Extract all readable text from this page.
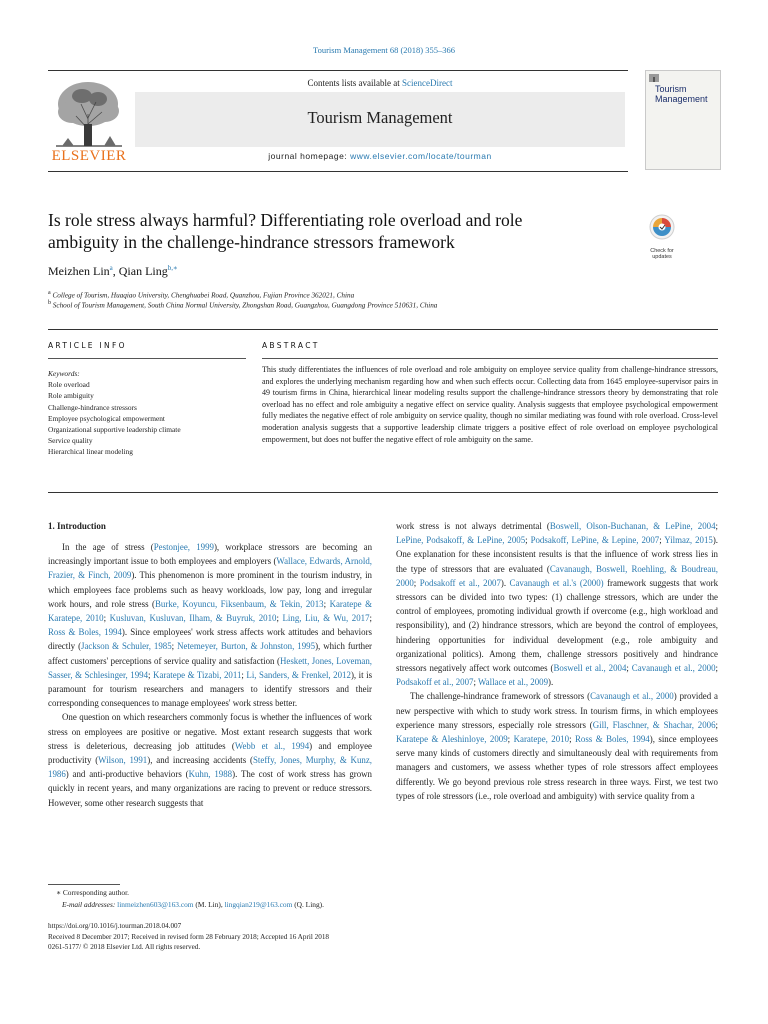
Tourism Management 68 (2018) 355–366
ELSEVIER
Contents lists available at ScienceDirect
Tourism Management
journal homepage: www.elsevier.com/locate/tourman
Tourism
Management
Check for
updates
Is role stress always harmful? Differentiating role overload and role
ambiguity in the challenge-hindrance stressors framework
Meizhen Lin$^a$, Qian Ling$^{b,∗}$
$^a$ College of Tourism, Huaqiao University, Chenghuabei Road, Quanzhou, Fujian Province 362021, China
$^b$ School of Tourism Management, South China Normal University, Zhongshan Road, Guangzhou, Guangdong Province 510631, China
ARTICLE INFO	ABSTRACT
Keywords:
Role overload
Role ambiguity
Challenge-hindrance stressors
Employee psychological empowerment
Organizational supportive leadership climate
Service quality
Hierarchical linear modeling
This study differentiates the influences of role overload and role ambiguity on employee service quality from challenge-hindrance stressors, and explores the underlying mechanism regarding how and when such effects occur. Collecting data from 1645 employee-supervisor pairs in 49 tourism firms in China, hierarchical linear modeling results support the challenge-hindrance stressors theory by demonstrating that role overload has no effect and role ambiguity a negative effect on service quality. Analysis suggests that employee psychological empowerment fully mediates the negative effect of role ambiguity on service quality, though no similar mediating was found with role overload. Cross-level moderation analysis suggests that a supportive leadership climate triggers a positive effect of role overload on employee psychological empowerment, but does not buffer the negative effect of role ambiguity on the same.
1. Introduction

In the age of stress (Pestonjee, 1999), workplace stressors are becoming an increasingly important issue to both employees and employers (Wallace, Edwards, Arnold, Frazier, & Finch, 2009). This phenomenon is more prominent in the tourism industry, in which employees face problems such as heavy workloads, low pay, long and irregular work hours, and role stress (Burke, Koyuncu, Fiksenbaum, & Tekin, 2013; Karatepe & Karatepe, 2010; Kusluvan, Kusluvan, Ilham, & Buyruk, 2010; Ling, Liu, & Wu, 2017; Ross & Boles, 1994). Since employees' work stress affects work attitudes and behaviors directly (Jackson & Schuler, 1985; Netemeyer, Burton, & Johnston, 1995), which further affect customers' perceptions of service quality and satisfaction (Heskett, Jones, Loveman, Sasser, & Schlesinger, 1994; Karatepe & Tizabi, 2011; Li, Sanders, & Frenkel, 2012), it is paramount for tourism researchers and managers to identify stressors and their corresponding consequences to manage employees' work stress better.

One question on which researchers commonly focus is whether the influences of work stress on employees are positive or negative. Most extant research suggests that work stress is deleterious, decreasing job attitudes (Webb et al., 1994) and employee productivity (Wilson, 1991), and increasing accidents (Steffy, Jones, Murphy, & Kunz, 1986) and anti-productive behaviors (Kuhn, 1988). The cost of work stress has grown quickly in recent years, and many organizations are racing to prevent or reduce stressors. However, some other research suggests that

work stress is not always detrimental (Boswell, Olson-Buchanan, & LePine, 2004; LePine, Podsakoff, & LePine, 2005; Podsakoff, LePine, & Lepine, 2007; Yilmaz, 2015). One explanation for these inconsistent results is that the influence of work stress lies in the type of stressors that are evaluated (Cavanaugh, Boswell, Roehling, & Boudreau, 2000; Podsakoff et al., 2007). Cavanaugh et al.'s (2000) framework suggests that work stressors can be divided into two types: (1) challenge stressors, which are under the control of employees, promoting individual growth if overcome (e.g., high workload and responsibility), and (2) hindrance stressors, which are beyond the control of employees, hindering opportunities for individual development (e.g., role ambiguity and organizational politics). Among them, challenge stressors positively and hindrance stressors negatively affect work outcomes (Boswell et al., 2004; Cavanaugh et al., 2000; Podsakoff et al., 2007; Wallace et al., 2009).

The challenge-hindrance framework of stressors (Cavanaugh et al., 2000) provided a new perspective with which to study work stress. In tourism firms, in which employees experience many stressors, especially role stressors (Gill, Flaschner, & Shachar, 2006; Karatepe & Aleshinloye, 2009; Karatepe, 2010; Ross & Boles, 1994), since employees serve many kinds of customers directly and simultaneously deal with requirements from managers and customers, we assess whether types of role stressors affect employees differently. We go beyond previous role stress research in three ways. First, we test two types of role stressors (i.e., role overload and ambiguity) with service quality from a

∗ Corresponding author.
E-mail addresses: linmeizhen603@163.com (M. Lin), lingqian219@163.com (Q. Ling).
https://doi.org/10.1016/j.tourman.2018.04.007
Received 8 December 2017; Received in revised form 28 February 2018; Accepted 16 April 2018
0261-5177/ © 2018 Elsevier Ltd. All rights reserved.
